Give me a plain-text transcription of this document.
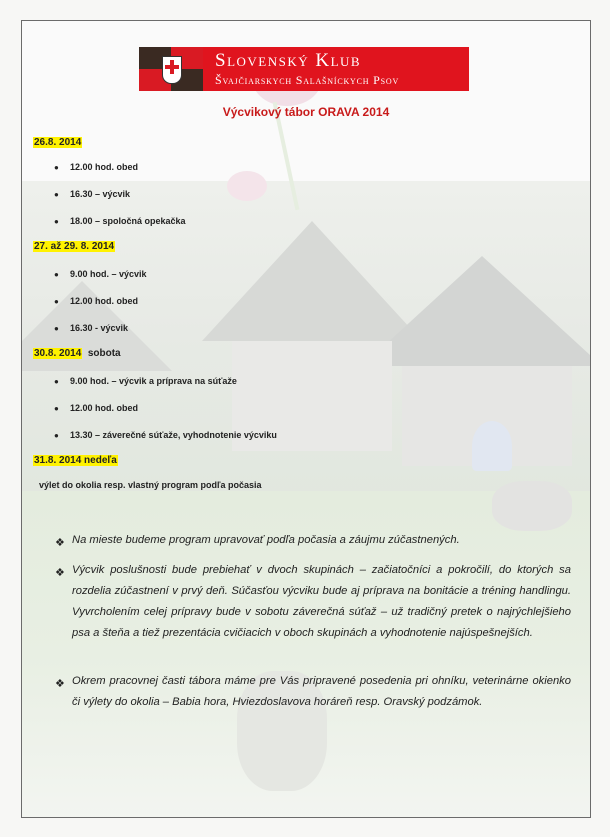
Slovenský Klub
Švajčiarskych Salašníckych Psov
Výcvikový tábor ORAVA 2014
26.8. 2014
● 12.00 hod. obed
● 16.30 – výcvik
● 18.00 – spoločná opekačka
27. až 29. 8. 2014
● 9.00 hod. – výcvik
● 12.00 hod. obed
● 16.30 - výcvik
30.8. 2014 sobota
● 9.00 hod. – výcvik a príprava na súťaže
● 12.00 hod. obed
● 13.30 – záverečné súťaže, vyhodnotenie výcviku
31.8. 2014 nedeľa
výlet do okolia resp. vlastný program podľa počasia
❖ Na mieste budeme program upravovať podľa počasia a záujmu zúčastnených.
❖ Výcvik poslušnosti bude prebiehať v dvoch skupinách – začiatočníci a pokročilí, do ktorých sa rozdelia zúčastnení v prvý deň. Súčasťou výcviku bude aj príprava na bonitácie a tréning handlingu. Vyvrcholením celej prípravy bude v sobotu záverečná súťaž – už tradičný pretek o najrýchlejšieho psa a šteňa a tiež prezentácia cvičiacich v oboch skupinách a vyhodnotenie najúspešnejších.
❖ Okrem pracovnej časti tábora máme pre Vás pripravené posedenia pri ohníku, veterinárne okienko či výlety do okolia – Babia hora, Hviezdoslavova horáreň resp. Oravský podzámok.
